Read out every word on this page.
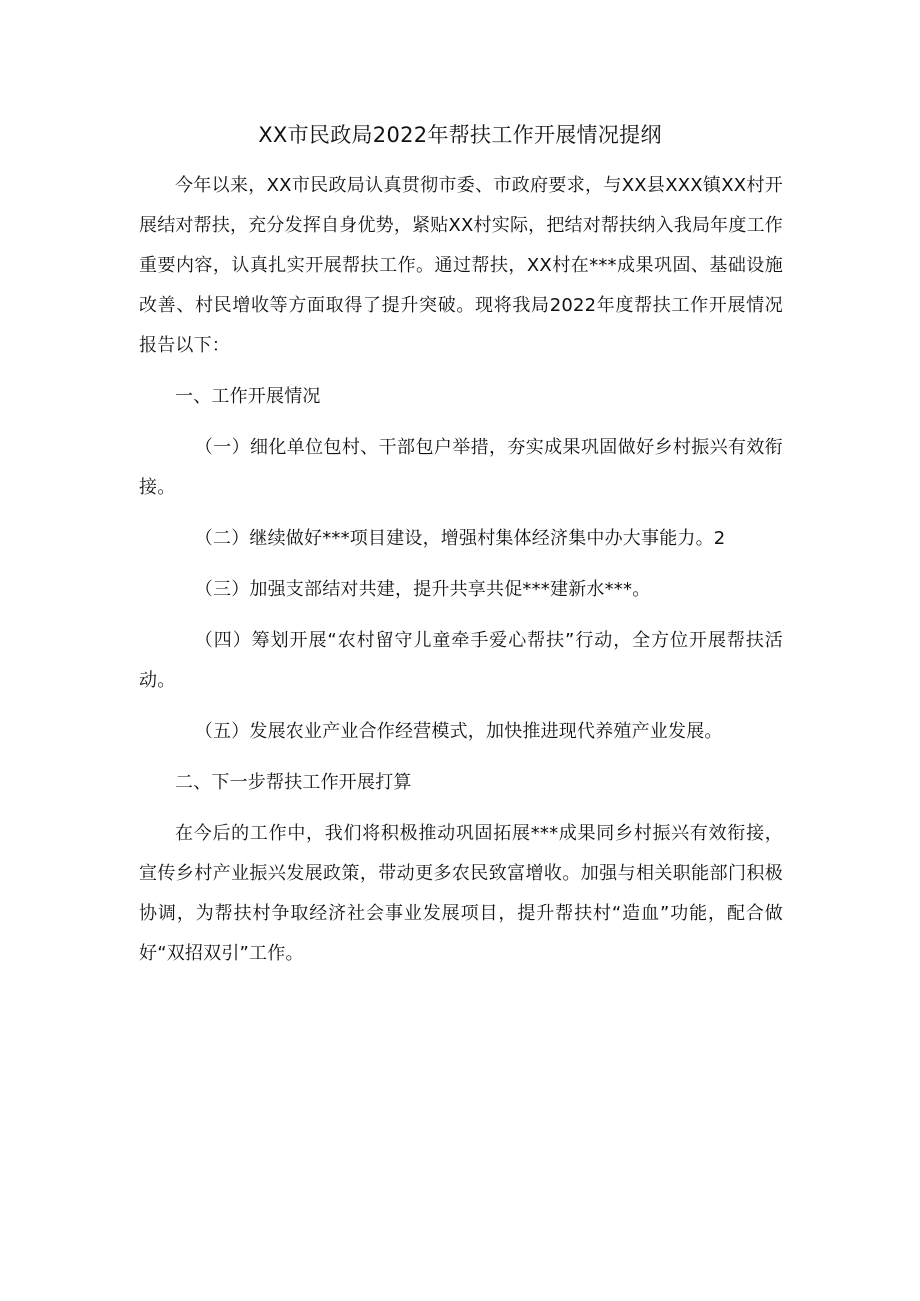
XX市民政局2022年帮扶工作开展情况提纲

今年以来，XX市民政局认真贯彻市委、市政府要求，与XX县XXX镇XX村开展结对帮扶，充分发挥自身优势，紧贴XX村实际，把结对帮扶纳入我局年度工作重要内容，认真扎实开展帮扶工作。通过帮扶，XX村在***成果巩固、基础设施改善、村民增收等方面取得了提升突破。现将我局2022年度帮扶工作开展情况报告以下：

一、工作开展情况

（一）细化单位包村、干部包户举措，夯实成果巩固做好乡村振兴有效衔接。

（二）继续做好***项目建设，增强村集体经济集中办大事能力。2

（三）加强支部结对共建，提升共享共促***建新水***。

（四）筹划开展“农村留守儿童牵手爱心帮扶”行动，全方位开展帮扶活动。

（五）发展农业产业合作经营模式，加快推进现代养殖产业发展。

二、下一步帮扶工作开展打算

在今后的工作中，我们将积极推动巩固拓展***成果同乡村振兴有效衔接，宣传乡村产业振兴发展政策，带动更多农民致富增收。加强与相关职能部门积极协调，为帮扶村争取经济社会事业发展项目，提升帮扶村“造血”功能，配合做好“双招双引”工作。
